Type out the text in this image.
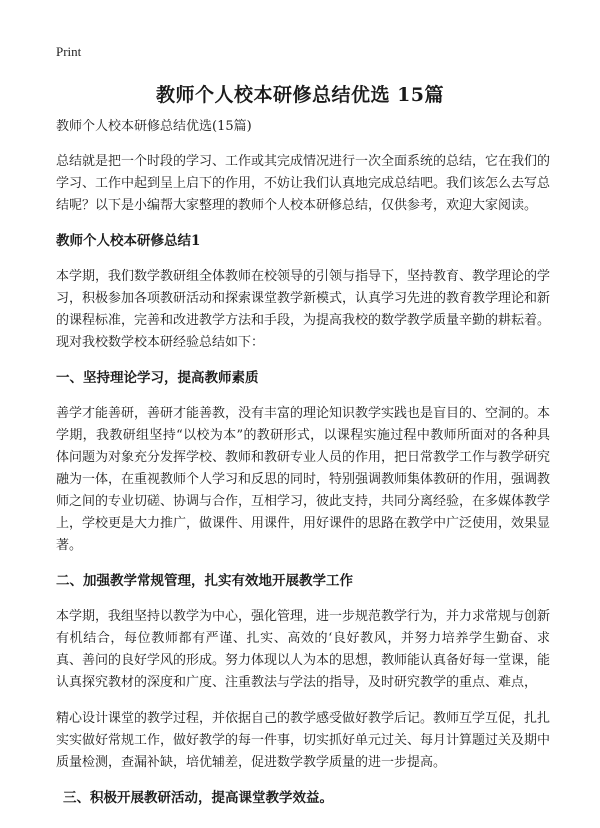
Print
教师个人校本研修总结优选 15篇
教师个人校本研修总结优选(15篇)

总结就是把一个时段的学习、工作或其完成情况进行一次全面系统的总结，它在我们的学习、工作中起到呈上启下的作用，不妨让我们认真地完成总结吧。我们该怎么去写总结呢？以下是小编帮大家整理的教师个人校本研修总结，仅供参考，欢迎大家阅读。

教师个人校本研修总结1

本学期，我们数学教研组全体教师在校领导的引领与指导下，坚持教育、教学理论的学习，积极参加各项教研活动和探索课堂教学新模式，认真学习先进的教育教学理论和新的课程标准，完善和改进教学方法和手段，为提高我校的数学教学质量辛勤的耕耘着。现对我校数学校本研经验总结如下：

一、坚持理论学习，提高教师素质

善学才能善研，善研才能善教，没有丰富的理论知识教学实践也是盲目的、空洞的。本学期，我教研组坚持“以校为本”的教研形式，以课程实施过程中教师所面对的各种具体问题为对象充分发挥学校、教师和教研专业人员的作用，把日常教学工作与教学研究融为一体，在重视教师个人学习和反思的同时，特别强调教师集体教研的作用，强调教师之间的专业切磋、协调与合作，互相学习，彼此支持，共同分离经验，在多媒体教学上，学校更是大力推广，做课件、用课件，用好课件的思路在教学中广泛使用，效果显著。

二、加强教学常规管理，扎实有效地开展教学工作

本学期，我组坚持以教学为中心，强化管理，进一步规范教学行为，并力求常规与创新有机结合，每位教师都有严谨、扎实、高效的‘良好教风，并努力培养学生勤奋、求真、善问的良好学风的形成。努力体现以人为本的思想，教师能认真备好每一堂课，能认真探究教材的深度和广度、注重教法与学法的指导，及时研究教学的重点、难点，

精心设计课堂的教学过程，并依据自己的教学感受做好教学后记。教师互学互促，扎扎实实做好常规工作，做好教学的每一件事，切实抓好单元过关、每月计算题过关及期中质量检测，查漏补缺，培优辅差，促进数学教学质量的进一步提高。

三、积极开展教研活动，提高课堂教学效益。
